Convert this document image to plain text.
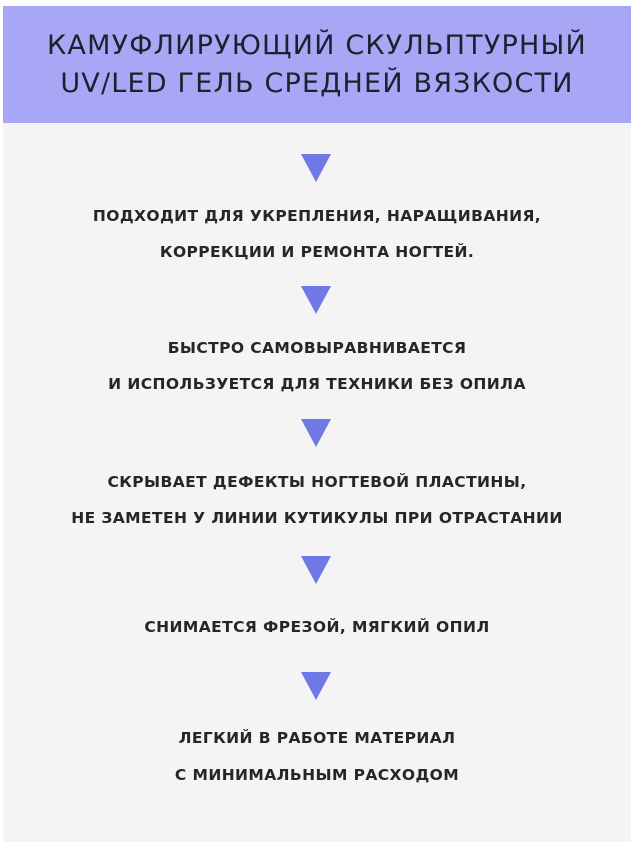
КАМУФЛИРУЮЩИЙ СКУЛЬПТУРНЫЙ
UV/LED ГЕЛЬ СРЕДНЕЙ ВЯЗКОСТИ
ПОДХОДИТ ДЛЯ УКРЕПЛЕНИЯ, НАРАЩИВАНИЯ,
КОРРЕКЦИИ И РЕМОНТА НОГТЕЙ.
БЫСТРО САМОВЫРАВНИВАЕТСЯ
И ИСПОЛЬЗУЕТСЯ ДЛЯ ТЕХНИКИ БЕЗ ОПИЛА
СКРЫВАЕТ ДЕФЕКТЫ НОГТЕВОЙ ПЛАСТИНЫ,
НЕ ЗАМЕТЕН У ЛИНИИ КУТИКУЛЫ ПРИ ОТРАСТАНИИ
СНИМАЕТСЯ ФРЕЗОЙ, МЯГКИЙ ОПИЛ
ЛЕГКИЙ В РАБОТЕ МАТЕРИАЛ
С МИНИМАЛЬНЫМ РАСХОДОМ
